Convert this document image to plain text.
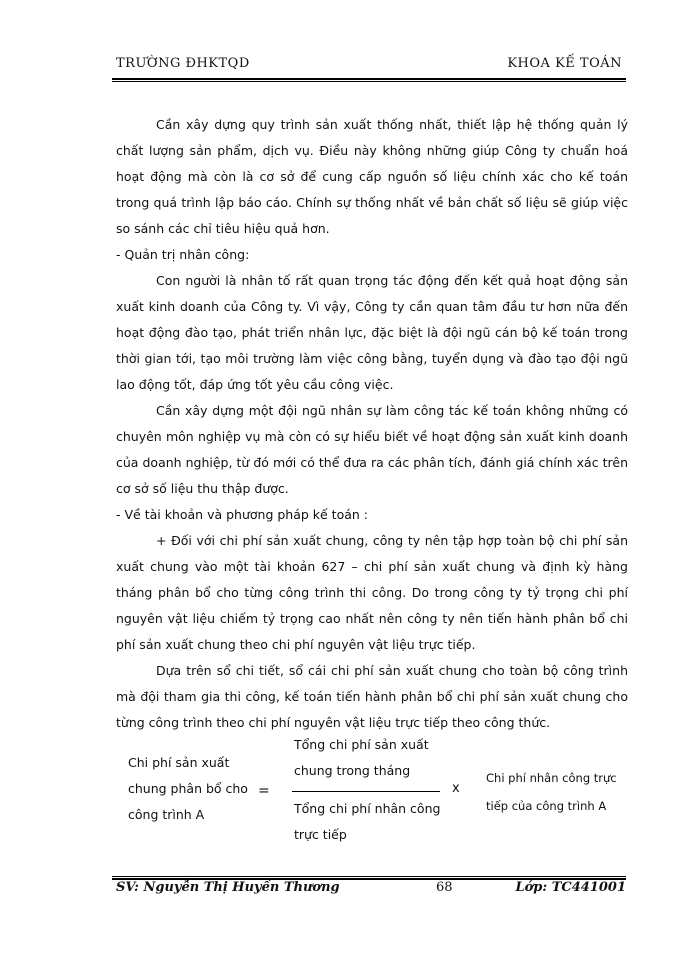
TRƯỜNG ĐHKTQD	KHOA KẾ TOÁN

Cần xây dựng quy trình sản xuất thống nhất, thiết lập hệ thống quản lý chất lượng sản phẩm, dịch vụ. Điều này không những giúp Công ty chuẩn hoá hoạt động mà còn là cơ sở để cung cấp nguồn số liệu chính xác cho kế toán trong quá trình lập báo cáo. Chính sự thống nhất về bản chất số liệu sẽ giúp việc so sánh các chỉ tiêu hiệu quả hơn.

- Quản trị nhân công:

Con người là nhân tố rất quan trọng tác động đến kết quả hoạt động sản xuất kinh doanh của Công ty. Vì vậy, Công ty cần quan tâm đầu tư hơn nữa đến hoạt động đào tạo, phát triển nhân lực, đặc biệt là đội ngũ cán bộ kế toán trong thời gian tới, tạo môi trường làm việc công bằng, tuyển dụng và đào tạo đội ngũ lao động tốt, đáp ứng tốt yêu cầu công việc.

Cần xây dựng một đội ngũ nhân sự làm công tác kế toán không những có chuyên môn nghiệp vụ mà còn có sự hiểu biết về hoạt động sản xuất kinh doanh của doanh nghiệp, từ đó mới có thể đưa ra các phân tích, đánh giá chính xác trên cơ sở số liệu thu thập được.

- Về tài khoản và phương pháp kế toán :

+ Đối với chi phí sản xuất chung, công ty nên tập hợp toàn bộ chi phí sản xuất chung vào một tài khoản 627 – chi phí sản xuất chung và định kỳ hàng tháng phân bổ cho từng công trình thi công. Do trong công ty tỷ trọng chi phí nguyên vật liệu chiếm tỷ trọng cao nhất nên công ty nên tiến hành phân bổ chi phí sản xuất chung theo chi phí nguyên vật liệu trực tiếp.

Dựa trên sổ chi tiết, sổ cái chi phí sản xuất chung cho toàn bộ công trình mà đội tham gia thi công, kế toán tiến hành phân bổ chi phí sản xuất chung cho từng công trình theo chi phí nguyên vật liệu trực tiếp theo công thức.

Chi phí sản xuất chung phân bổ cho công trình A
=
Tổng chi phí sản xuất chung trong tháng
Tổng chi phí nhân công trực tiếp
x
Chi phí nhân công trực tiếp của công trình A
SV: Nguyễn Thị Huyền Thương	68	Lớp: TC441001
